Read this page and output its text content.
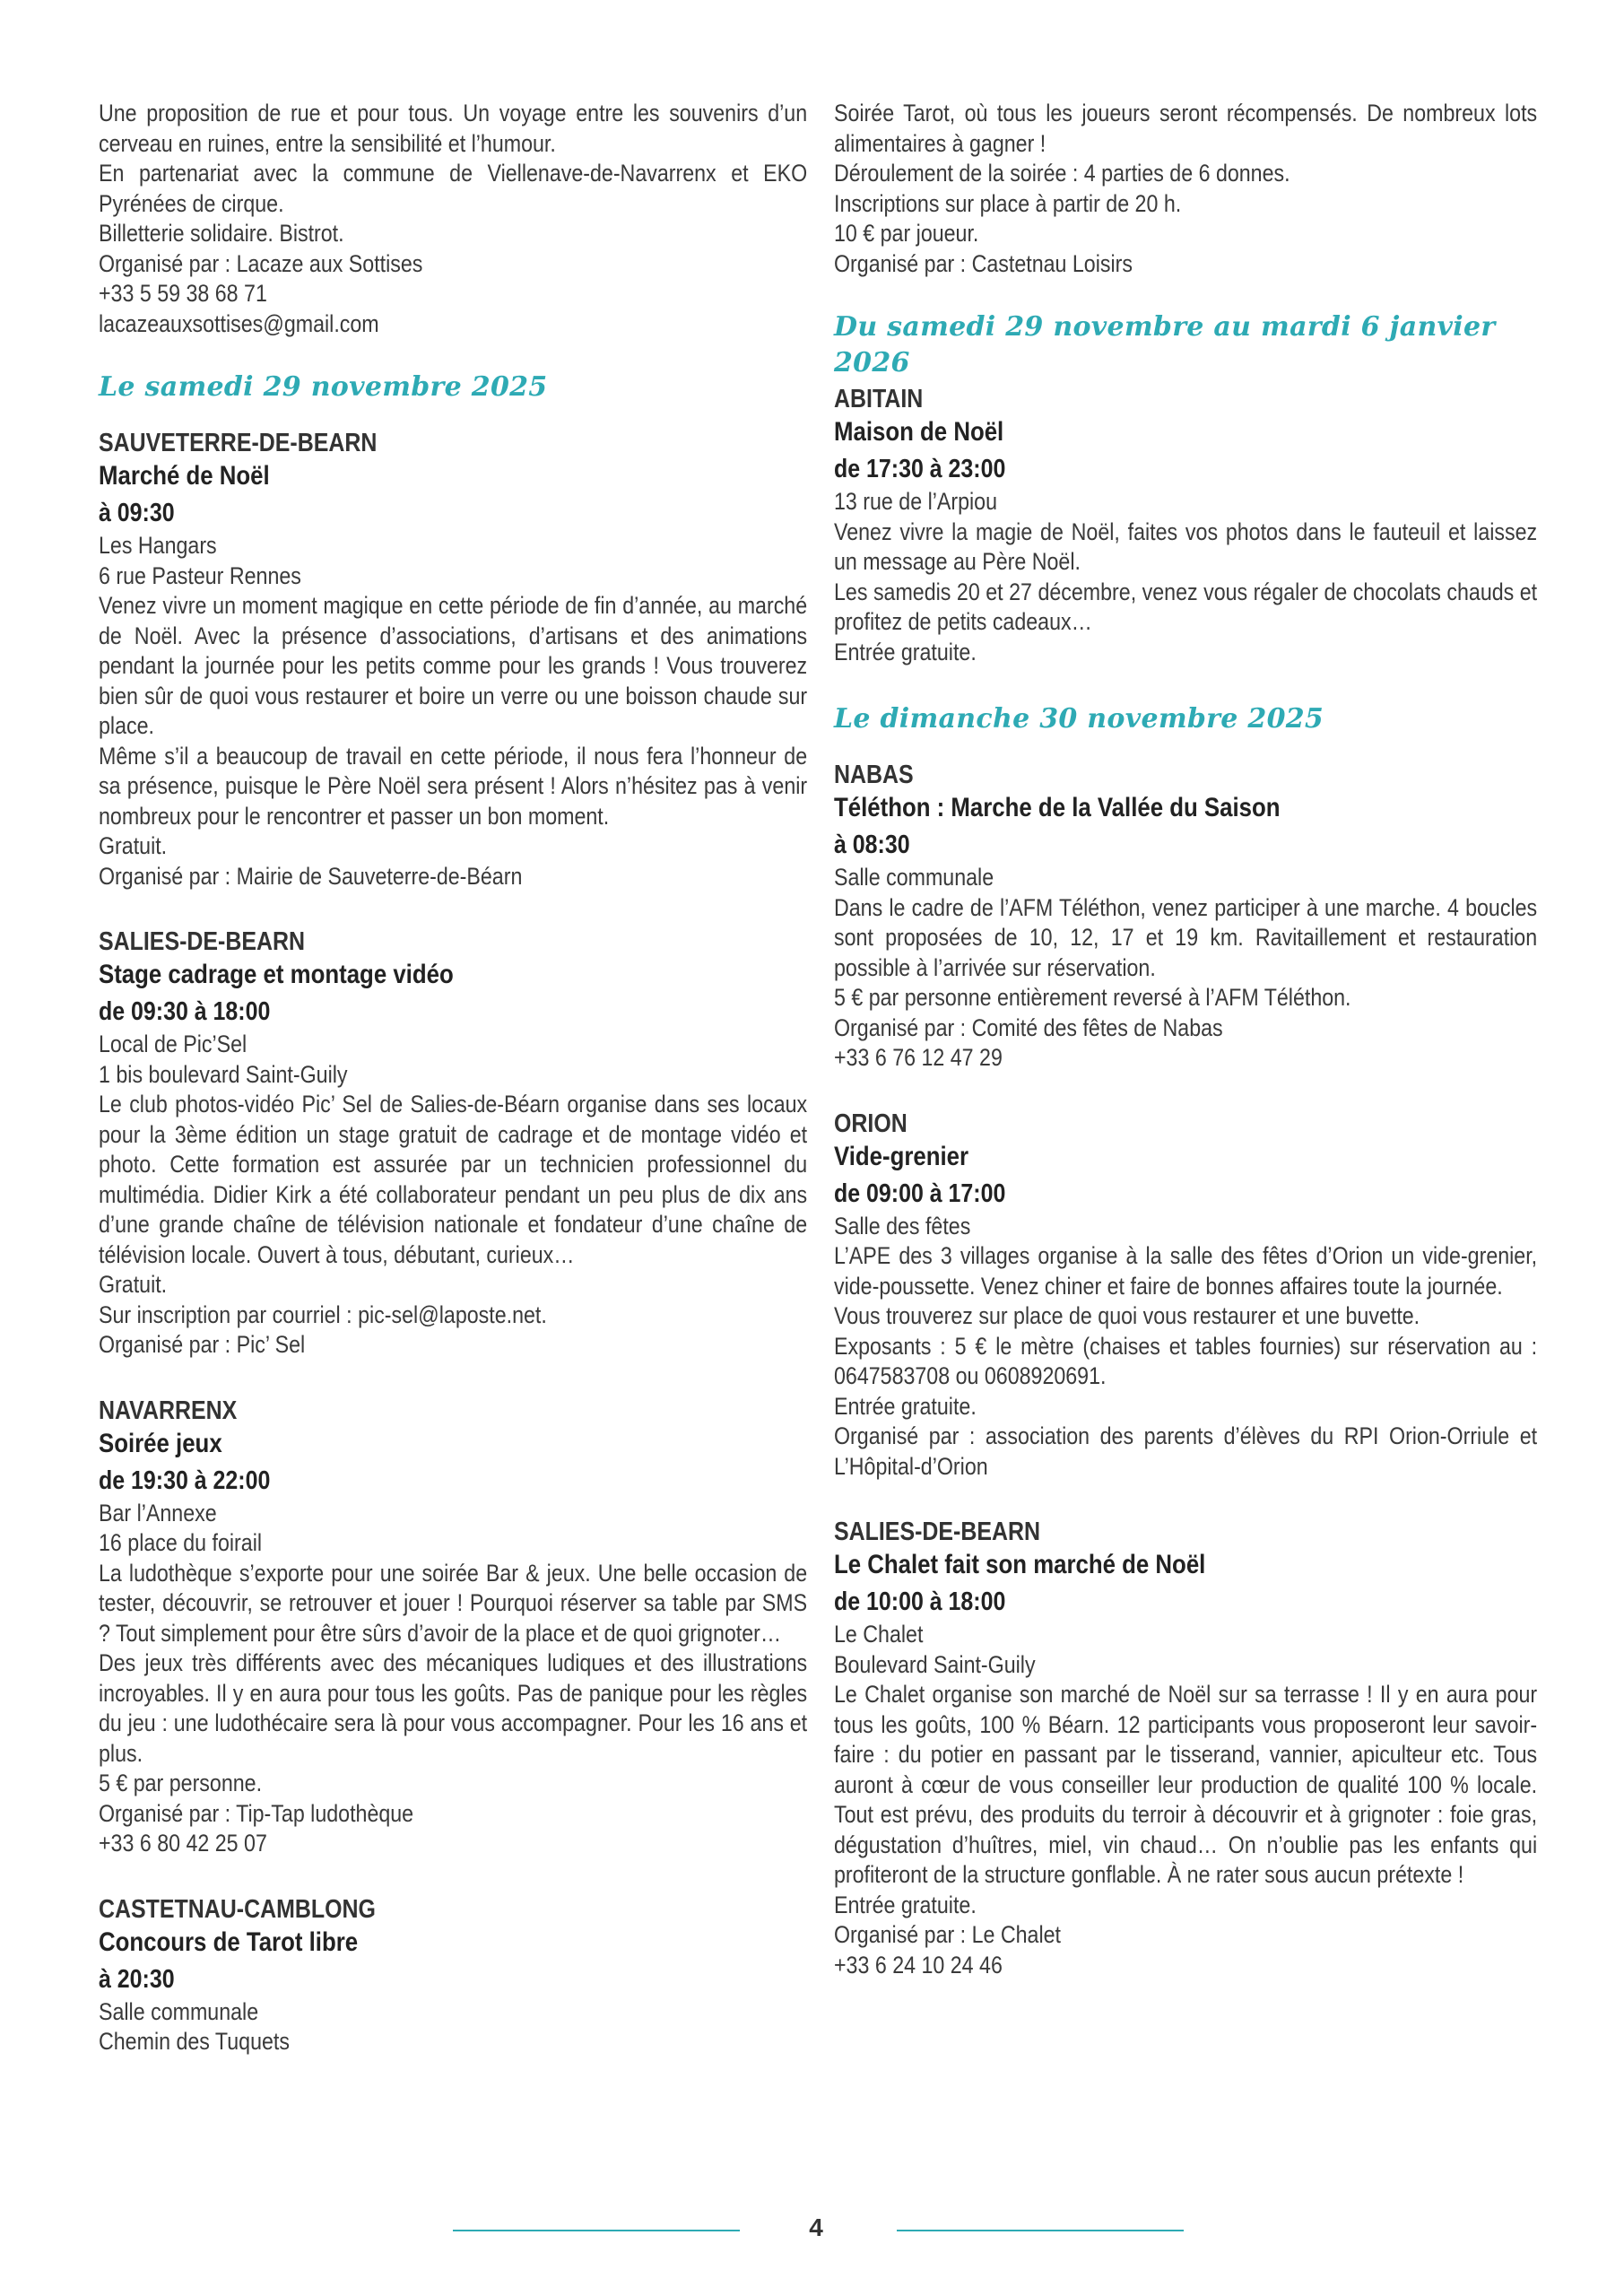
Une proposition de rue et pour tous. Un voyage entre les souvenirs d’un cerveau en ruines, entre la sensibilité et l’humour.

En partenariat avec la commune de Viellenave-de-Navarrenx et EKO Pyrénées de cirque.

Billetterie solidaire. Bistrot.

Organisé par : Lacaze aux Sottises

+33 5 59 38 68 71

lacazeauxsottises@gmail.com

Le samedi 29 novembre 2025
SAUVETERRE-DE-BEARN
Marché de Noël
à 09:30

Les Hangars

6 rue Pasteur Rennes

Venez vivre un moment magique en cette période de fin d’année, au marché de Noël. Avec la présence d’associations, d’artisans et des animations pendant la journée pour les petits comme pour les grands ! Vous trouverez bien sûr de quoi vous restaurer et boire un verre ou une boisson chaude sur place.

Même s’il a beaucoup de travail en cette période, il nous fera l’honneur de sa présence, puisque le Père Noël sera présent ! Alors n’hésitez pas à venir nombreux pour le rencontrer et passer un bon moment.

Gratuit.

Organisé par : Mairie de Sauveterre-de-Béarn

SALIES-DE-BEARN
Stage cadrage et montage vidéo
de 09:30 à 18:00

Local de Pic’Sel

1 bis boulevard Saint-Guily

Le club photos-vidéo Pic’ Sel de Salies-de-Béarn organise dans ses locaux pour la 3ème édition un stage gratuit de cadrage et de montage vidéo et photo. Cette formation est assurée par un technicien professionnel du multimédia. Didier Kirk a été collaborateur pendant un peu plus de dix ans d’une grande chaîne de télévision nationale et fondateur d’une chaîne de télévision locale. Ouvert à tous, débutant, curieux…

Gratuit.

Sur inscription par courriel : pic-sel@laposte.net.

Organisé par : Pic’ Sel

NAVARRENX
Soirée jeux
de 19:30 à 22:00

Bar l’Annexe

16 place du foirail

La ludothèque s’exporte pour une soirée Bar & jeux. Une belle occasion de tester, découvrir, se retrouver et jouer ! Pourquoi réserver sa table par SMS ? Tout simplement pour être sûrs d’avoir de la place et de quoi grignoter…

Des jeux très différents avec des mécaniques ludiques et des illustrations incroyables. Il y en aura pour tous les goûts. Pas de panique pour les règles du jeu : une ludothécaire sera là pour vous accompagner. Pour les 16 ans et plus.

5 € par personne.

Organisé par : Tip-Tap ludothèque

+33 6 80 42 25 07

CASTETNAU-CAMBLONG
Concours de Tarot libre
à 20:30

Salle communale

Chemin des Tuquets

Soirée Tarot, où tous les joueurs seront récompensés. De nombreux lots alimentaires à gagner !

Déroulement de la soirée : 4 parties de 6 donnes.

Inscriptions sur place à partir de 20 h.

10 € par joueur.

Organisé par : Castetnau Loisirs

Du samedi 29 novembre au mardi 6 janvier 2026
ABITAIN
Maison de Noël
de 17:30 à 23:00

13 rue de l’Arpiou

Venez vivre la magie de Noël, faites vos photos dans le fauteuil et laissez un message au Père Noël.

Les samedis 20 et 27 décembre, venez vous régaler de chocolats chauds et profitez de petits cadeaux…

Entrée gratuite.

Le dimanche 30 novembre 2025
NABAS
Téléthon : Marche de la Vallée du Saison
à 08:30

Salle communale

Dans le cadre de l’AFM Téléthon, venez participer à une marche. 4 boucles sont proposées de 10, 12, 17 et 19 km. Ravitaillement et restauration possible à l’arrivée sur réservation.

5 € par personne entièrement reversé à l’AFM Téléthon.

Organisé par : Comité des fêtes de Nabas

+33 6 76 12 47 29

ORION
Vide-grenier
de 09:00 à 17:00

Salle des fêtes

L’APE des 3 villages organise à la salle des fêtes d’Orion un vide-grenier, vide-poussette. Venez chiner et faire de bonnes affaires toute la journée.

Vous trouverez sur place de quoi vous restaurer et une buvette.

Exposants : 5 € le mètre (chaises et tables fournies) sur réservation au : 0647583708 ou 0608920691.

Entrée gratuite.

Organisé par : association des parents d’élèves du RPI Orion-Orriule et L’Hôpital-d’Orion

SALIES-DE-BEARN
Le Chalet fait son marché de Noël
de 10:00 à 18:00

Le Chalet

Boulevard Saint-Guily

Le Chalet organise son marché de Noël sur sa terrasse ! Il y en aura pour tous les goûts, 100 % Béarn. 12 participants vous proposeront leur savoir-faire : du potier en passant par le tisserand, vannier, apiculteur etc. Tous auront à cœur de vous conseiller leur production de qualité 100 % locale. Tout est prévu, des produits du terroir à découvrir et à grignoter : foie gras, dégustation d’huîtres, miel, vin chaud… On n’oublie pas les enfants qui profiteront de la structure gonflable. À ne rater sous aucun prétexte !

Entrée gratuite.

Organisé par : Le Chalet

+33 6 24 10 24 46

4
